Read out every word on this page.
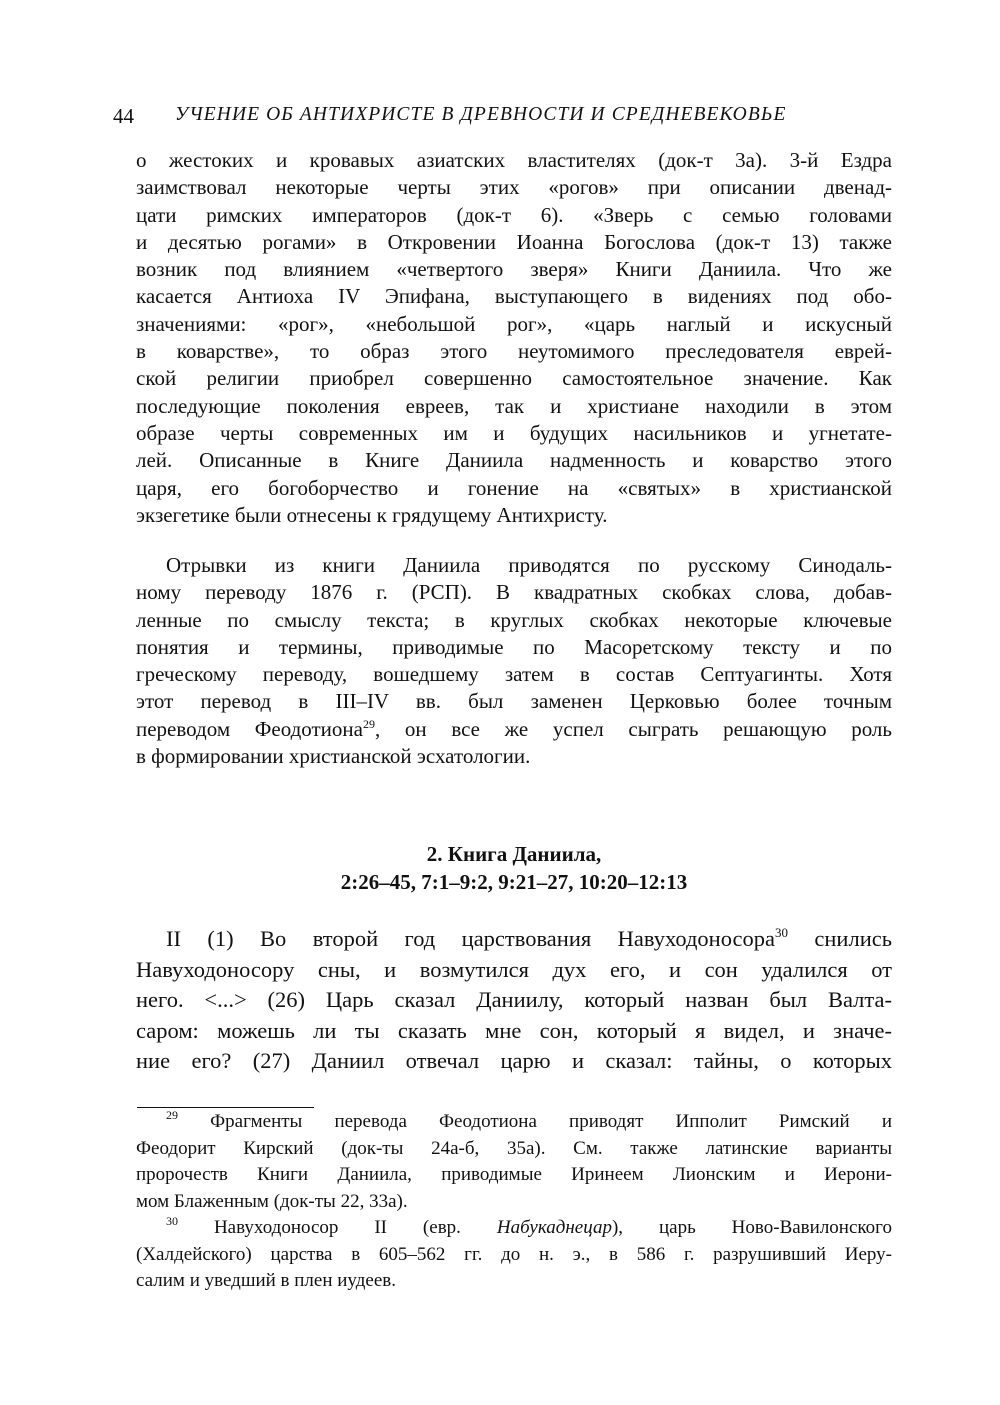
44 УЧЕНИЕ ОБ АНТИХРИСТЕ В ДРЕВНОСТИ И СРЕДНЕВЕКОВЬЕ
о жестоких и кровавых азиатских властителях (док-т 3а). 3-й Ездра
заимствовал некоторые черты этих «рогов» при описании двенад-
цати римских императоров (док-т 6). «Зверь с семью головами
и десятью рогами» в Откровении Иоанна Богослова (док-т 13) также
возник под влиянием «четвертого зверя» Книги Даниила. Что же
касается Антиоха IV Эпифана, выступающего в видениях под обо-
значениями: «рог», «небольшой рог», «царь наглый и искусный
в коварстве», то образ этого неутомимого преследователя еврей-
ской религии приобрел совершенно самостоятельное значение. Как
последующие поколения евреев, так и христиане находили в этом
образе черты современных им и будущих насильников и угнетате-
лей. Описанные в Книге Даниила надменность и коварство этого
царя, его богоборчество и гонение на «святых» в христианской
экзегетике были отнесены к грядущему Антихристу.
Отрывки из книги Даниила приводятся по русскому Синодаль-
ному переводу 1876 г. (РСП). В квадратных скобках слова, добав-
ленные по смыслу текста; в круглых скобках некоторые ключевые
понятия и термины, приводимые по Масоретскому тексту и по
греческому переводу, вошедшему затем в состав Септуагинты. Хотя
этот перевод в III–IV вв. был заменен Церковью более точным
переводом Феодотиона$^{29}$, он все же успел сыграть решающую роль
в формировании христианской эсхатологии.
2. Книга Даниила,
2:26–45, 7:1–9:2, 9:21–27, 10:20–12:13
II (1) Во второй год царствования Навуходоносора$^{30}$ снились
Навуходоносору сны, и возмутился дух его, и сон удалился от
него. <...> (26) Царь сказал Даниилу, который назван был Валта-
саром: можешь ли ты сказать мне сон, который я видел, и значе-
ние его? (27) Даниил отвечал царю и сказал: тайны, о которых
$^{29}$ Фрагменты перевода Феодотиона приводят Ипполит Римский и
Феодорит Кирский (док-ты 24а-б, 35а). См. также латинские варианты
пророчеств Книги Даниила, приводимые Иринеем Лионским и Иерони-
мом Блаженным (док-ты 22, 33а).
$^{30}$ Навуходоносор II (евр. Набукаднецар), царь Ново-Вавилонского
(Халдейского) царства в 605–562 гг. до н. э., в 586 г. разрушивший Иеру-
салим и уведший в плен иудеев.
